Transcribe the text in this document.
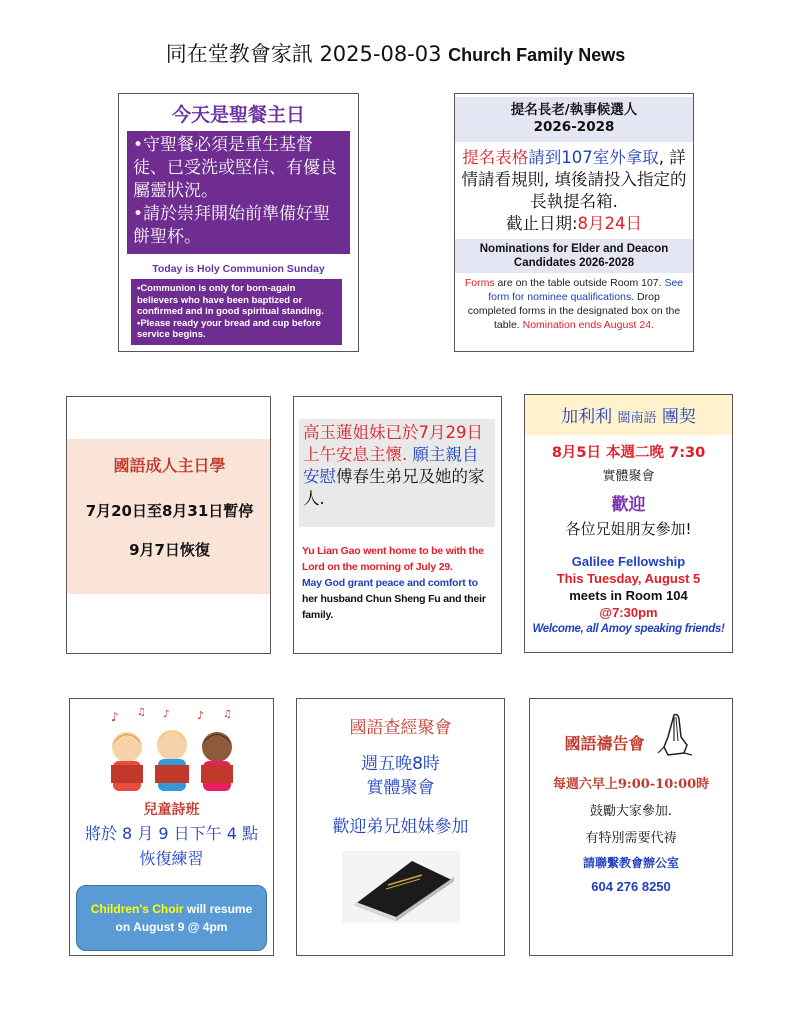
同在堂教會家訊 2025-08-03 Church Family News
今天是聖餐主日

•守聖餐必須是重生基督徒、已受洗或堅信、有優良屬靈狀況。

•請於崇拜開始前準備好聖餅聖杯。

Today is Holy Communion Sunday

•Communion is only for born-again believers who have been baptized or confirmed and in good spiritual standing.

•Please ready your bread and cup before service begins.

提名長老/執事候選人
2026-2028
提名表格請到107室外拿取, 詳情請看規則, 填後請投入指定的長執提名箱.
截止日期:8月24日
Nominations for Elder and Deacon Candidates 2026-2028
Forms are on the table outside Room 107. See form for nominee qualifications. Drop completed forms in the designated box on the table. Nomination ends August 24.
國語成人主日學
7月20日至8月31日暫停
9月7日恢復
高玉蓮姐妹已於7月29日上午安息主懷. 願主親自安慰傅春生弟兄及她的家人.
Yu Lian Gao went home to be with the Lord on the morning of July 29.
May God grant peace and comfort to
her husband Chun Sheng Fu and their family.
加利利 閩南語 團契
8月5日 本週二晚 7:30
實體聚會
歡迎
各位兄姐朋友參加!
Galilee Fellowship
This Tuesday, August 5
meets in Room 104
@7:30pm
Welcome, all Amoy speaking friends!
♪ ♫ ♪	♪ ♫
兒童詩班
將於 8 月 9 日下午 4 點
恢復練習
Children's Choir will resume on August 9 @ 4pm
國語查經聚會
週五晚8時
實體聚會
歡迎弟兄姐妹參加
國語禱告會
每週六早上9:00-10:00時
鼓勵大家參加.
有特別需要代祷
請聯繫教會辦公室
604 276 8250
